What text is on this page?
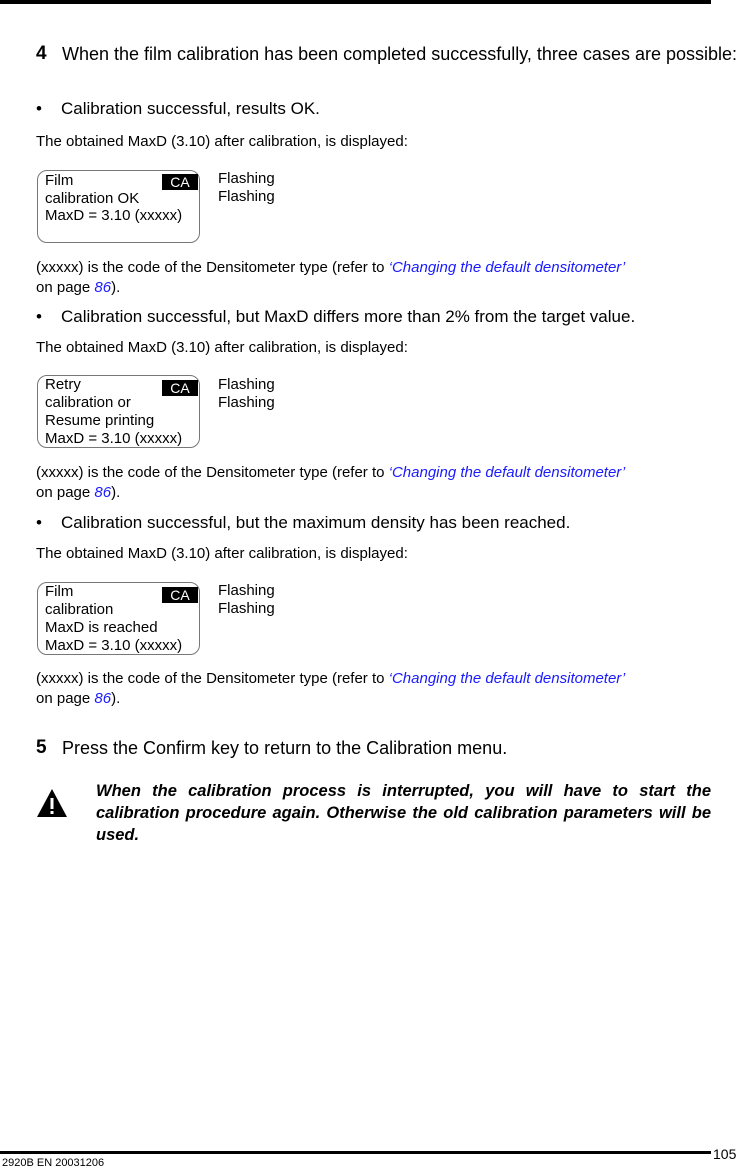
4 When the film calibration has been completed successfully, three cases are possible:
• Calibration successful, results OK.
The obtained MaxD (3.10) after calibration, is displayed:
Film
calibration OK
MaxD = 3.10 (xxxxx)
CA	Flashing
Flashing
(xxxxx) is the code of the Densitometer type (refer to ‘Changing the default densitometer’
on page 86).
• Calibration successful, but MaxD differs more than 2% from the target value.
The obtained MaxD (3.10) after calibration, is displayed:
Retry
calibration or
Resume printing
MaxD = 3.10 (xxxxx)
CA	Flashing
Flashing
(xxxxx) is the code of the Densitometer type (refer to ‘Changing the default densitometer’
on page 86).
• Calibration successful, but the maximum density has been reached.
The obtained MaxD (3.10) after calibration, is displayed:
Film
calibration
MaxD is reached
MaxD = 3.10 (xxxxx)
CA	Flashing
Flashing
(xxxxx) is the code of the Densitometer type (refer to ‘Changing the default densitometer’
on page 86).
5 Press the Confirm key to return to the Calibration menu.
When the calibration process is interrupted, you will have to start the calibration procedure again. Otherwise the old calibration parameters will be used.
2920B EN 20031206
105
